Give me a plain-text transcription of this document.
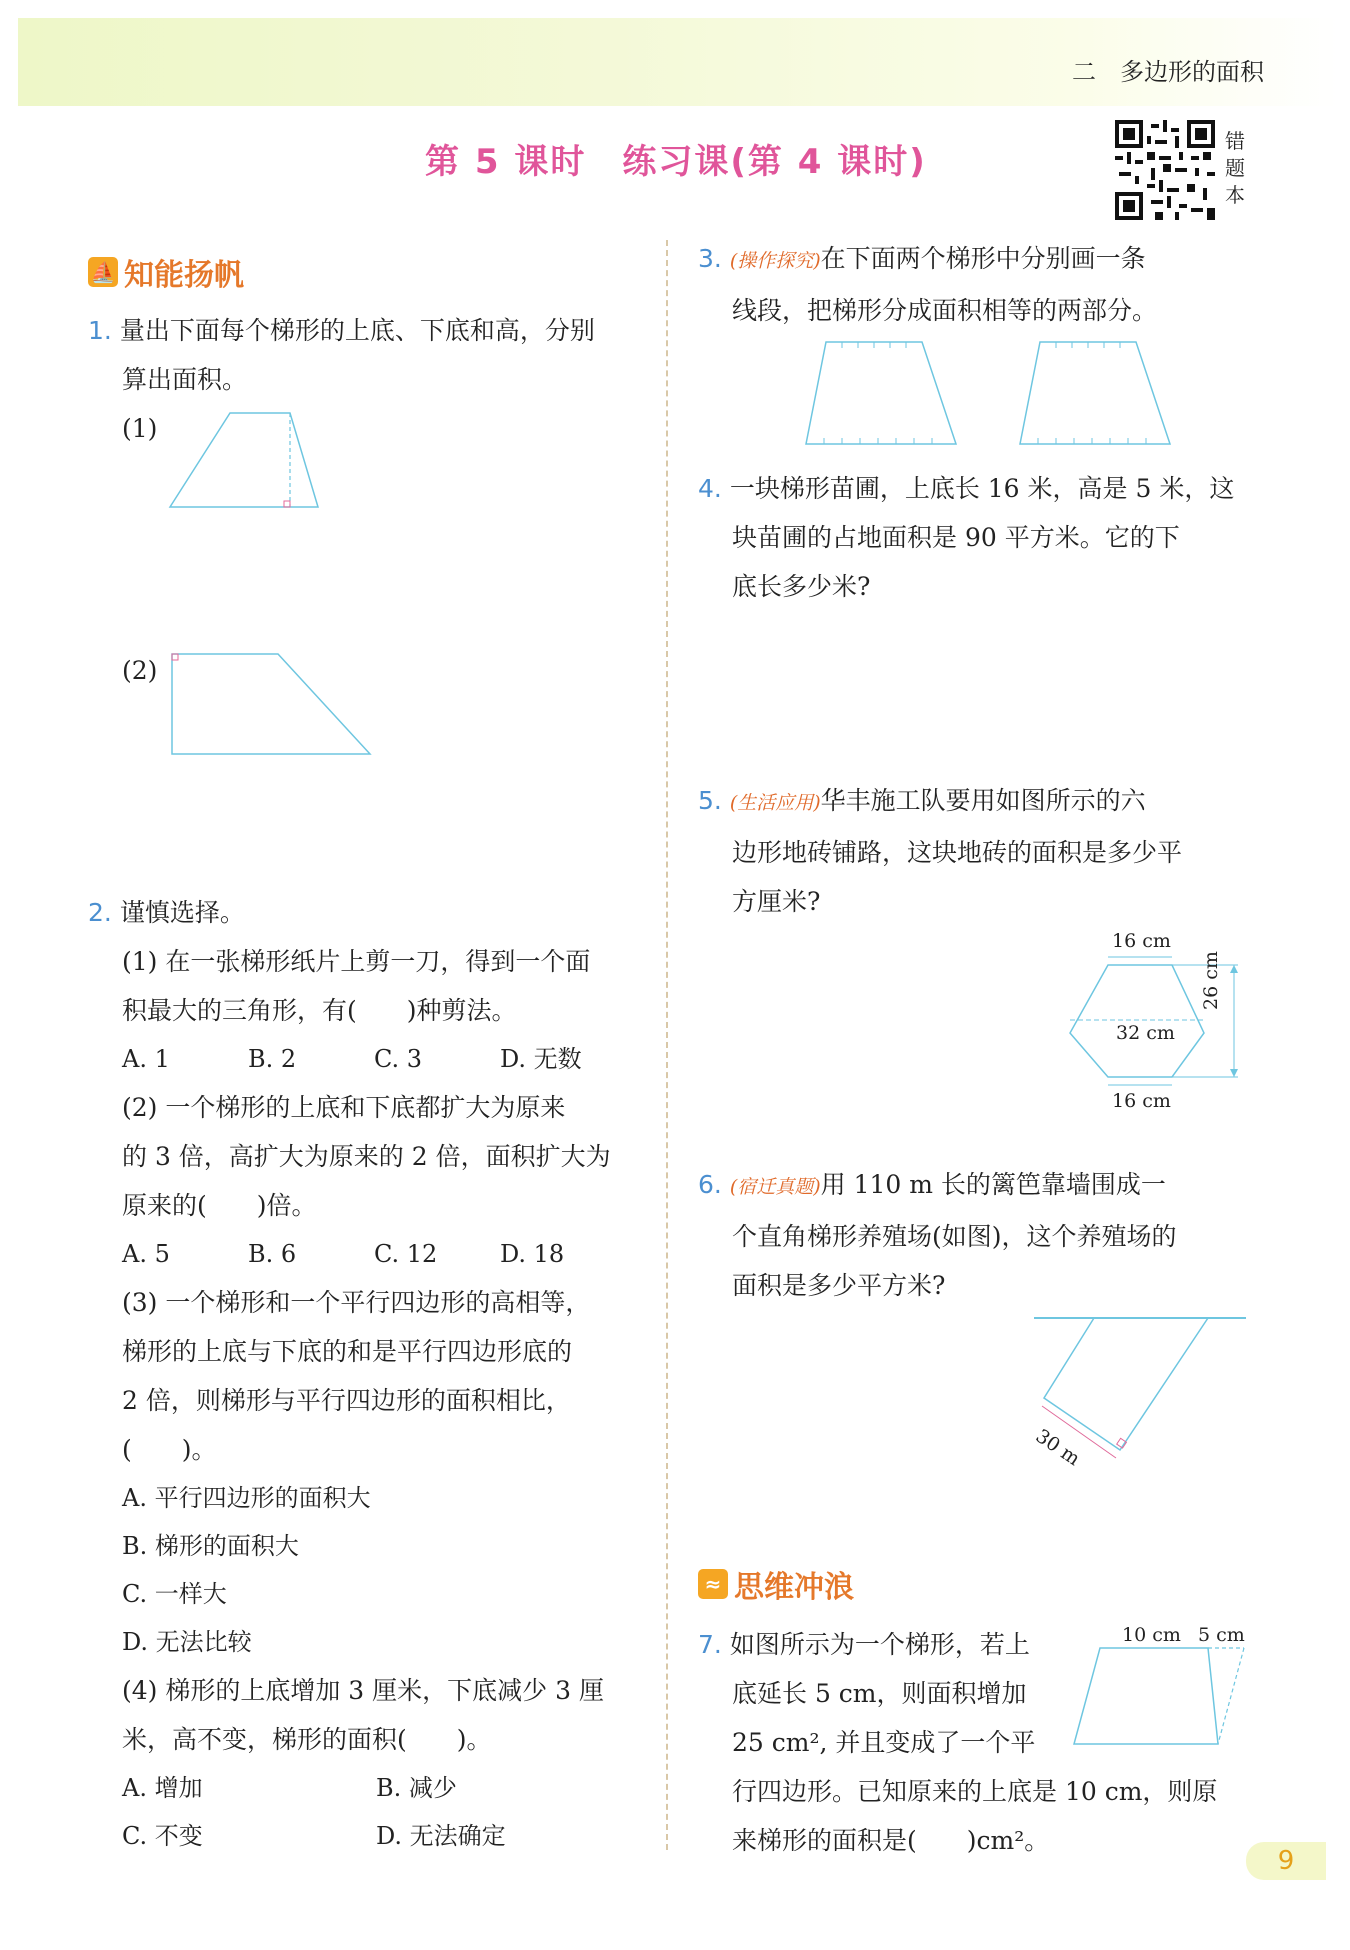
二　多边形的面积
第 5 课时　练习课(第 4 课时)
错
题
本
⛵ 知能扬帆
1. 量出下面每个梯形的上底、下底和高，分别
算出面积。
(1)
(2)
2. 谨慎选择。
(1) 在一张梯形纸片上剪一刀，得到一个面
积最大的三角形，有(　　)种剪法。
A. 1	B. 2	C. 3	D. 无数
(2) 一个梯形的上底和下底都扩大为原来
的 3 倍，高扩大为原来的 2 倍，面积扩大为
原来的(　　)倍。
A. 5	B. 6	C. 12	D. 18
(3) 一个梯形和一个平行四边形的高相等，
梯形的上底与下底的和是平行四边形底的
2 倍，则梯形与平行四边形的面积相比，
(　　)。
A. 平行四边形的面积大
B. 梯形的面积大
C. 一样大
D. 无法比较
(4) 梯形的上底增加 3 厘米，下底减少 3 厘
米，高不变，梯形的面积(　　)。
A. 增加	B. 减少
C. 不变	D. 无法确定
3. (操作探究)在下面两个梯形中分别画一条
线段，把梯形分成面积相等的两部分。
4. 一块梯形苗圃，上底长 16 米，高是 5 米，这
块苗圃的占地面积是 90 平方米。它的下
底长多少米?
5. (生活应用)华丰施工队要用如图所示的六
边形地砖铺路，这块地砖的面积是多少平
方厘米?
16 cm
32 cm
16 cm
26 cm
6. (宿迁真题)用 110 m 长的篱笆靠墙围成一
个直角梯形养殖场(如图)，这个养殖场的
面积是多少平方米?
30 m
≈ 思维冲浪
7. 如图所示为一个梯形，若上
底延长 5 cm，则面积增加
25 cm², 并且变成了一个平
行四边形。已知原来的上底是 10 cm，则原
来梯形的面积是(　　)cm²。
10 cm 5 cm
9
